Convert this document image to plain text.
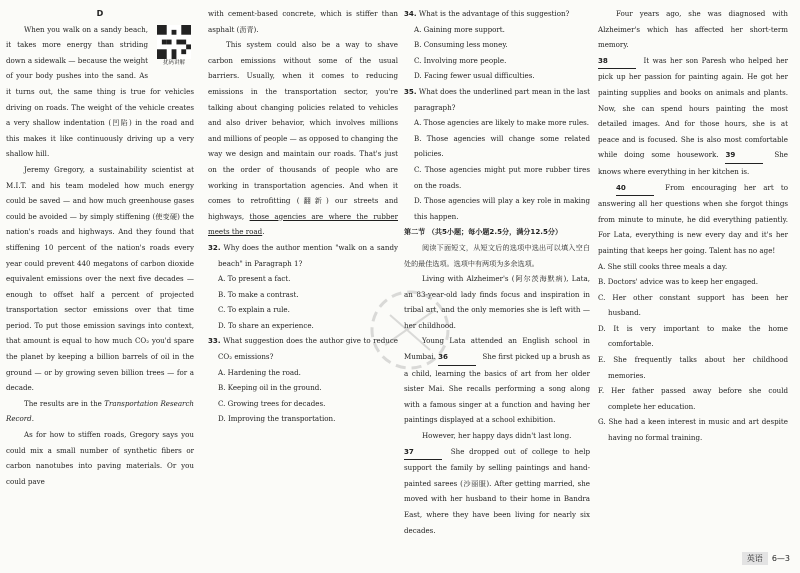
D

扰码讲解

When you walk on a sandy beach, it takes more energy than striding down a sidewalk — because the weight of your body pushes into the sand. As it turns out, the same thing is true for vehicles driving on roads. The weight of the vehicle creates a very shallow indentation (凹陷) in the road and this makes it like continuously driving up a very shallow hill.

Jeremy Gregory, a sustainability scientist at M.I.T. and his team modeled how much energy could be saved — and how much greenhouse gases could be avoided — by simply stiffening (使变硬) the nation's roads and highways. And they found that stiffening 10 percent of the nation's roads every year could prevent 440 megatons of carbon dioxide equivalent emissions over the next five decades — enough to offset half a percent of projected transportation sector emissions over that time period. To put those emission savings into context, that amount is equal to how much CO₂ you'd spare the planet by keeping a billion barrels of oil in the ground — or by growing seven billion trees — for a decade.

The results are in the Transportation Research Record.

As for how to stiffen roads, Gregory says you could mix a small number of synthetic fibers or carbon nanotubes into paving materials. Or you could pave

with cement-based concrete, which is stiffer than asphalt (沥青).

This system could also be a way to shave carbon emissions without some of the usual barriers. Usually, when it comes to reducing emissions in the transportation sector, you're talking about changing policies related to vehicles and also driver behavior, which involves millions and millions of people — as opposed to changing the way we design and maintain our roads. That's just on the order of thousands of people who are working in transportation agencies. And when it comes to retrofitting (翻新) our streets and highways, those agencies are where the rubber meets the road.

32. Why does the author mention "walk on a sandy beach" in Paragraph 1?

A. To present a fact.

B. To make a contrast.

C. To explain a rule.

D. To share an experience.

33. What suggestion does the author give to reduce CO₂ emissions?

A. Hardening the road.

B. Keeping oil in the ground.

C. Growing trees for decades.

D. Improving the transportation.

34. What is the advantage of this suggestion?

A. Gaining more support.

B. Consuming less money.

C. Involving more people.

D. Facing fewer usual difficulties.

35. What does the underlined part mean in the last paragraph?

A. Those agencies are likely to make more rules.

B. Those agencies will change some related policies.

C. Those agencies might put more rubber tires on the roads.

D. Those agencies will play a key role in making this happen.

第二节 （共5小题；每小题2.5分，满分12.5分）

阅读下面短文，从短文后的选项中选出可以填入空白处的最佳选项。选项中有两项为多余选项。

Living with Alzheimer's (阿尔茨海默病), Lata, an 83-year-old lady finds focus and inspiration in tribal art, and the only memories she is left with — her childhood.

Young Lata attended an English school in Mumbai. 36	She first picked up a brush as a child, learning the basics of art from her older sister Mai. She recalls performing a song along with a famous singer at a function and having her paintings displayed at a school exhibition.

However, her happy days didn't last long.

37	She dropped out of college to help support the family by selling paintings and hand-painted sarees (沙丽服). After getting married, she moved with her husband to their home in Bandra East, where they have been living for nearly six decades.

Four years ago, she was diagnosed with Alzheimer's which has affected her short-term memory.

38	It was her son Paresh who helped her pick up her passion for painting again. He got her painting supplies and books on animals and plants. Now, she can spend hours painting the most detailed images. And for those hours, she is at peace and is focused. She is also most comfortable while doing some housework. 39	She knows where everything in her kitchen is.

40	From encouraging her art to answering all her questions when she forgot things from minute to minute, he did everything patiently. For Lata, everything is new every day and it's her painting that keeps her going. Talent has no age!

A. She still cooks three meals a day.

B. Doctors' advice was to keep her engaged.

C. Her other constant support has been her husband.

D. It is very important to make the home comfortable.

E. She frequently talks about her childhood memories.

F. Her father passed away before she could complete her education.

G. She had a keen interest in music and art despite having no formal training.

英语	6—3
